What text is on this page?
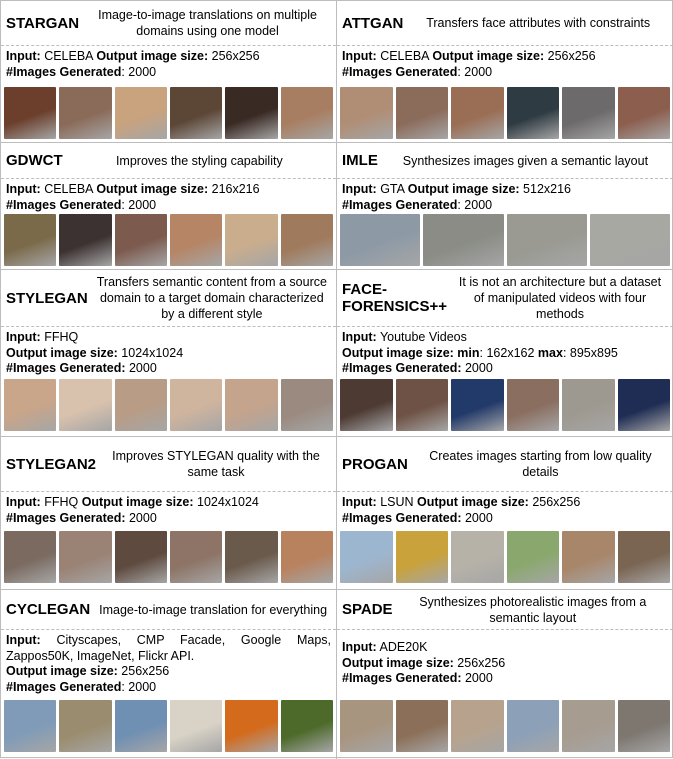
STARGAN	Image-to-image translations on multiple domains using one model
Input: CELEBA Output image size: 256x256
#Images Generated: 2000
ATTGAN	Transfers face attributes with constraints
Input: CELEBA Output image size: 256x256
#Images Generated: 2000
GDWCT	Improves the styling capability
Input: CELEBA Output image size: 216x216
#Images Generated: 2000
IMLE	Synthesizes images given a semantic layout
Input: GTA Output image size: 512x216
#Images Generated: 2000
STYLEGAN
Transfers semantic content from a source domain to a target domain characterized by a different style
Input: FFHQ
Output image size: 1024x1024
#Images Generated: 2000
FACE-
FORENSICS++
It is not an architecture but a dataset of manipulated videos with four methods
Input: Youtube Videos
Output image size: min: 162x162 max: 895x895
#Images Generated: 2000
STYLEGAN2	Improves STYLEGAN quality with the same task
Input: FFHQ Output image size: 1024x1024
#Images Generated: 2000
PROGAN	Creates images starting from low quality details
Input: LSUN Output image size: 256x256
#Images Generated: 2000
CYCLEGAN Image-to-image translation for everything
Input: Cityscapes, CMP Facade, Google Maps, Zappos50K, ImageNet, Flickr API.
Output image size: 256x256
#Images Generated: 2000
SPADE	Synthesizes photorealistic images from a semantic layout
Input: ADE20K
Output image size: 256x256
#Images Generated: 2000
